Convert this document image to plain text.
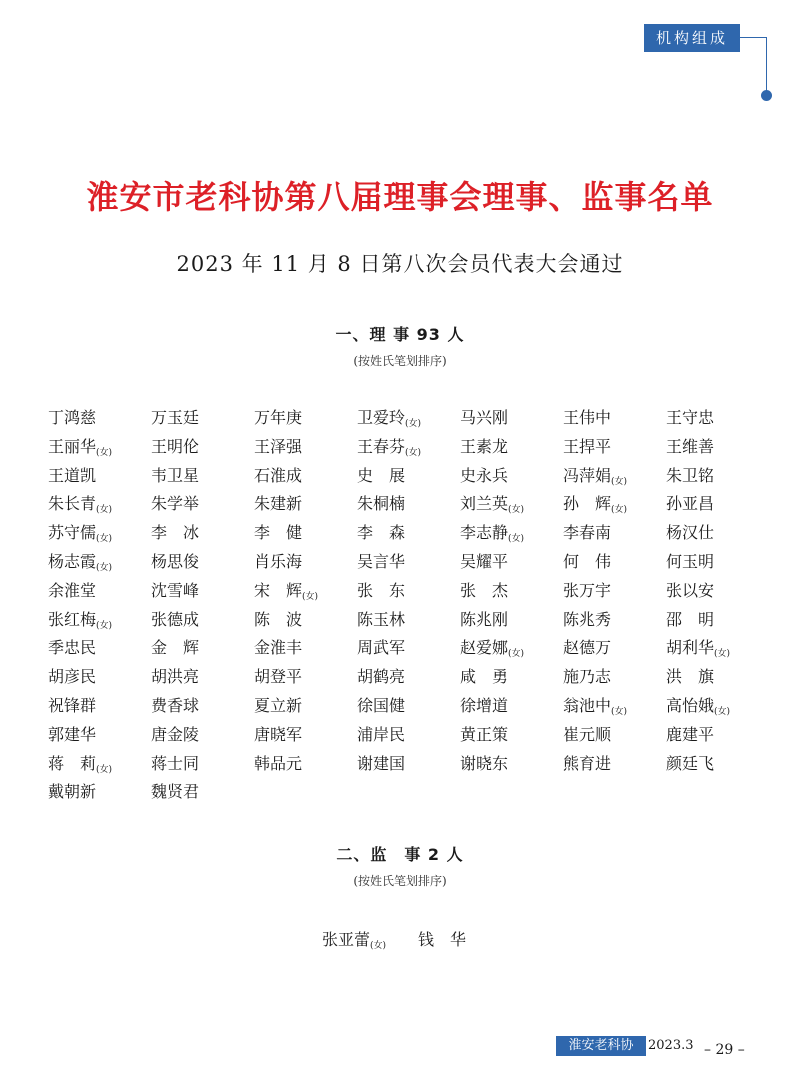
机构组成
淮安市老科协第八届理事会理事、监事名单
2023 年 11 月 8 日第八次会员代表大会通过
一、理 事 93 人
(按姓氏笔划排序)
丁鸿慈	万玉廷	万年庚	卫爱玲(女)	马兴刚	王伟中	王守忠
王丽华(女)	王明伦	王泽强	王春芬(女)	王素龙	王捍平	王维善
王道凯	韦卫星	石淮成	史　展	史永兵	冯萍娟(女)	朱卫铭
朱长青(女)	朱学举	朱建新	朱桐楠	刘兰英(女)	孙　辉(女)	孙亚昌
苏守儒(女)	李　冰	李　健	李　森	李志静(女)	李春南	杨汉仕
杨志霞(女)	杨思俊	肖乐海	吴言华	吴耀平	何　伟	何玉明
余淮堂	沈雪峰	宋　辉(女)	张　东	张　杰	张万宇	张以安
张红梅(女)	张德成	陈　波	陈玉林	陈兆刚	陈兆秀	邵　明
季忠民	金　辉	金淮丰	周武军	赵爱娜(女)	赵德万	胡利华(女)
胡彦民	胡洪亮	胡登平	胡鹤亮	咸　勇	施乃志	洪　旗
祝锋群	费香球	夏立新	徐国健	徐增道	翁池中(女)	高怡娥(女)
郭建华	唐金陵	唐晓军	浦岸民	黄正策	崔元顺	鹿建平
蒋　莉(女)	蒋士同	韩品元	谢建国	谢晓东	熊育进	颜廷飞
戴朝新	魏贤君
二、监　事 2 人
(按姓氏笔划排序)
张亚蕾(女) 钱　华
淮安老科协	2023.3 – 29 –
